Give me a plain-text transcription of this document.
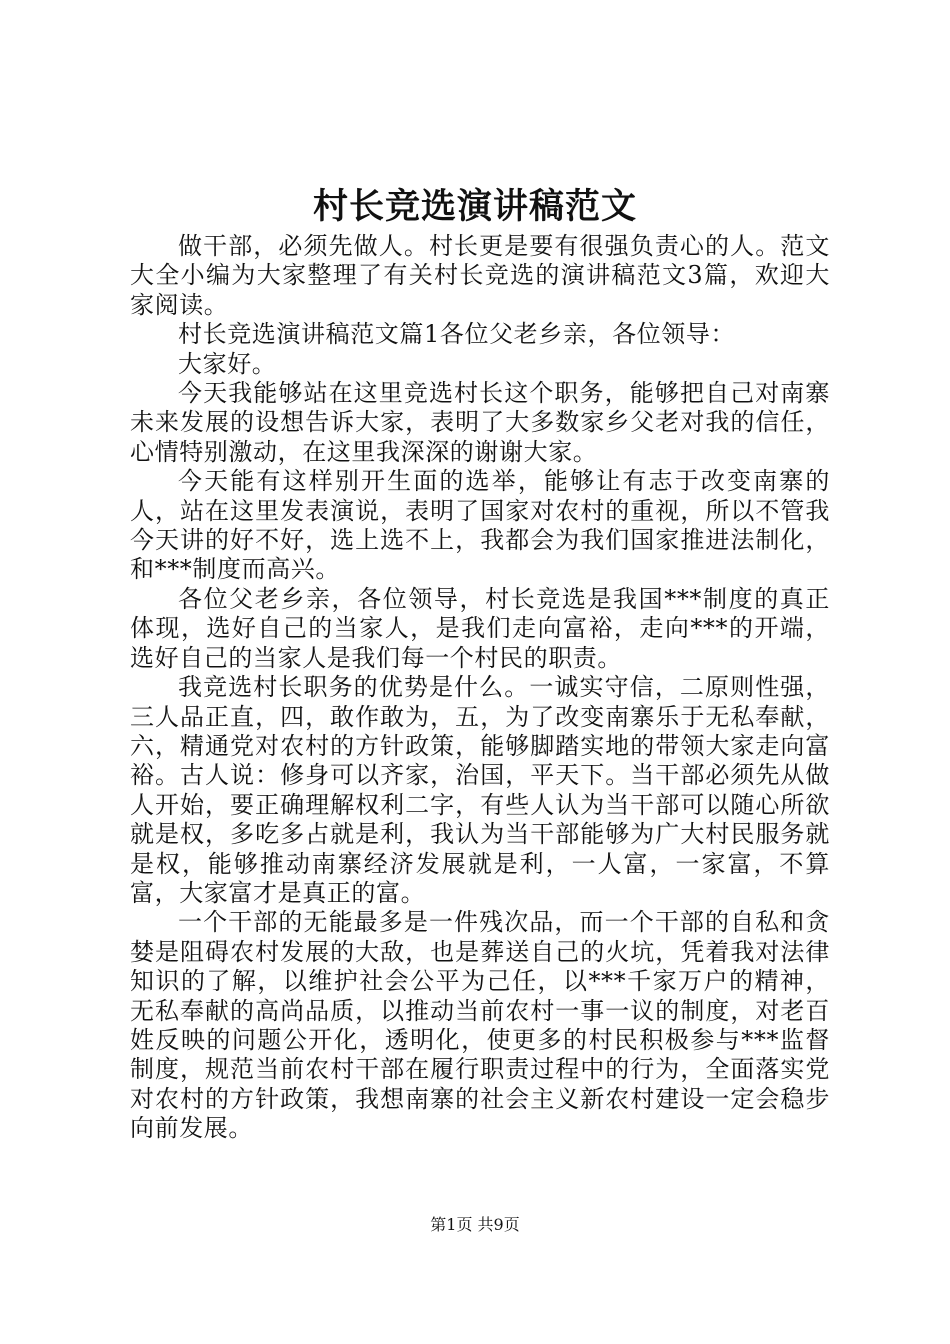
村长竞选演讲稿范文

做干部，必须先做人。村长更是要有很强负责心的人。范文大全小编为大家整理了有关村长竞选的演讲稿范文3篇，欢迎大家阅读。

村长竞选演讲稿范文篇1各位父老乡亲，各位领导：

大家好。

今天我能够站在这里竞选村长这个职务，能够把自己对南寨未来发展的设想告诉大家，表明了大多数家乡父老对我的信任，心情特别激动，在这里我深深的谢谢大家。

今天能有这样别开生面的选举，能够让有志于改变南寨的人，站在这里发表演说，表明了国家对农村的重视，所以不管我今天讲的好不好，选上选不上，我都会为我们国家推进法制化，和***制度而高兴。

各位父老乡亲，各位领导，村长竞选是我国***制度的真正体现，选好自己的当家人，是我们走向富裕，走向***的开端，选好自己的当家人是我们每一个村民的职责。

我竞选村长职务的优势是什么。一诚实守信，二原则性强，三人品正直，四，敢作敢为，五，为了改变南寨乐于无私奉献，六，精通党对农村的方针政策，能够脚踏实地的带领大家走向富裕。古人说：修身可以齐家，治国，平天下。当干部必须先从做人开始，要正确理解权利二字，有些人认为当干部可以随心所欲就是权，多吃多占就是利，我认为当干部能够为广大村民服务就是权，能够推动南寨经济发展就是利，一人富，一家富，不算富，大家富才是真正的富。

一个干部的无能最多是一件残次品，而一个干部的自私和贪婪是阻碍农村发展的大敌，也是葬送自己的火坑，凭着我对法律知识的了解，以维护社会公平为己任，以***千家万户的精神，无私奉献的高尚品质，以推动当前农村一事一议的制度，对老百姓反映的问题公开化，透明化，使更多的村民积极参与***监督制度，规范当前农村干部在履行职责过程中的行为，全面落实党对农村的方针政策，我想南寨的社会主义新农村建设一定会稳步向前发展。

第1页 共9页
